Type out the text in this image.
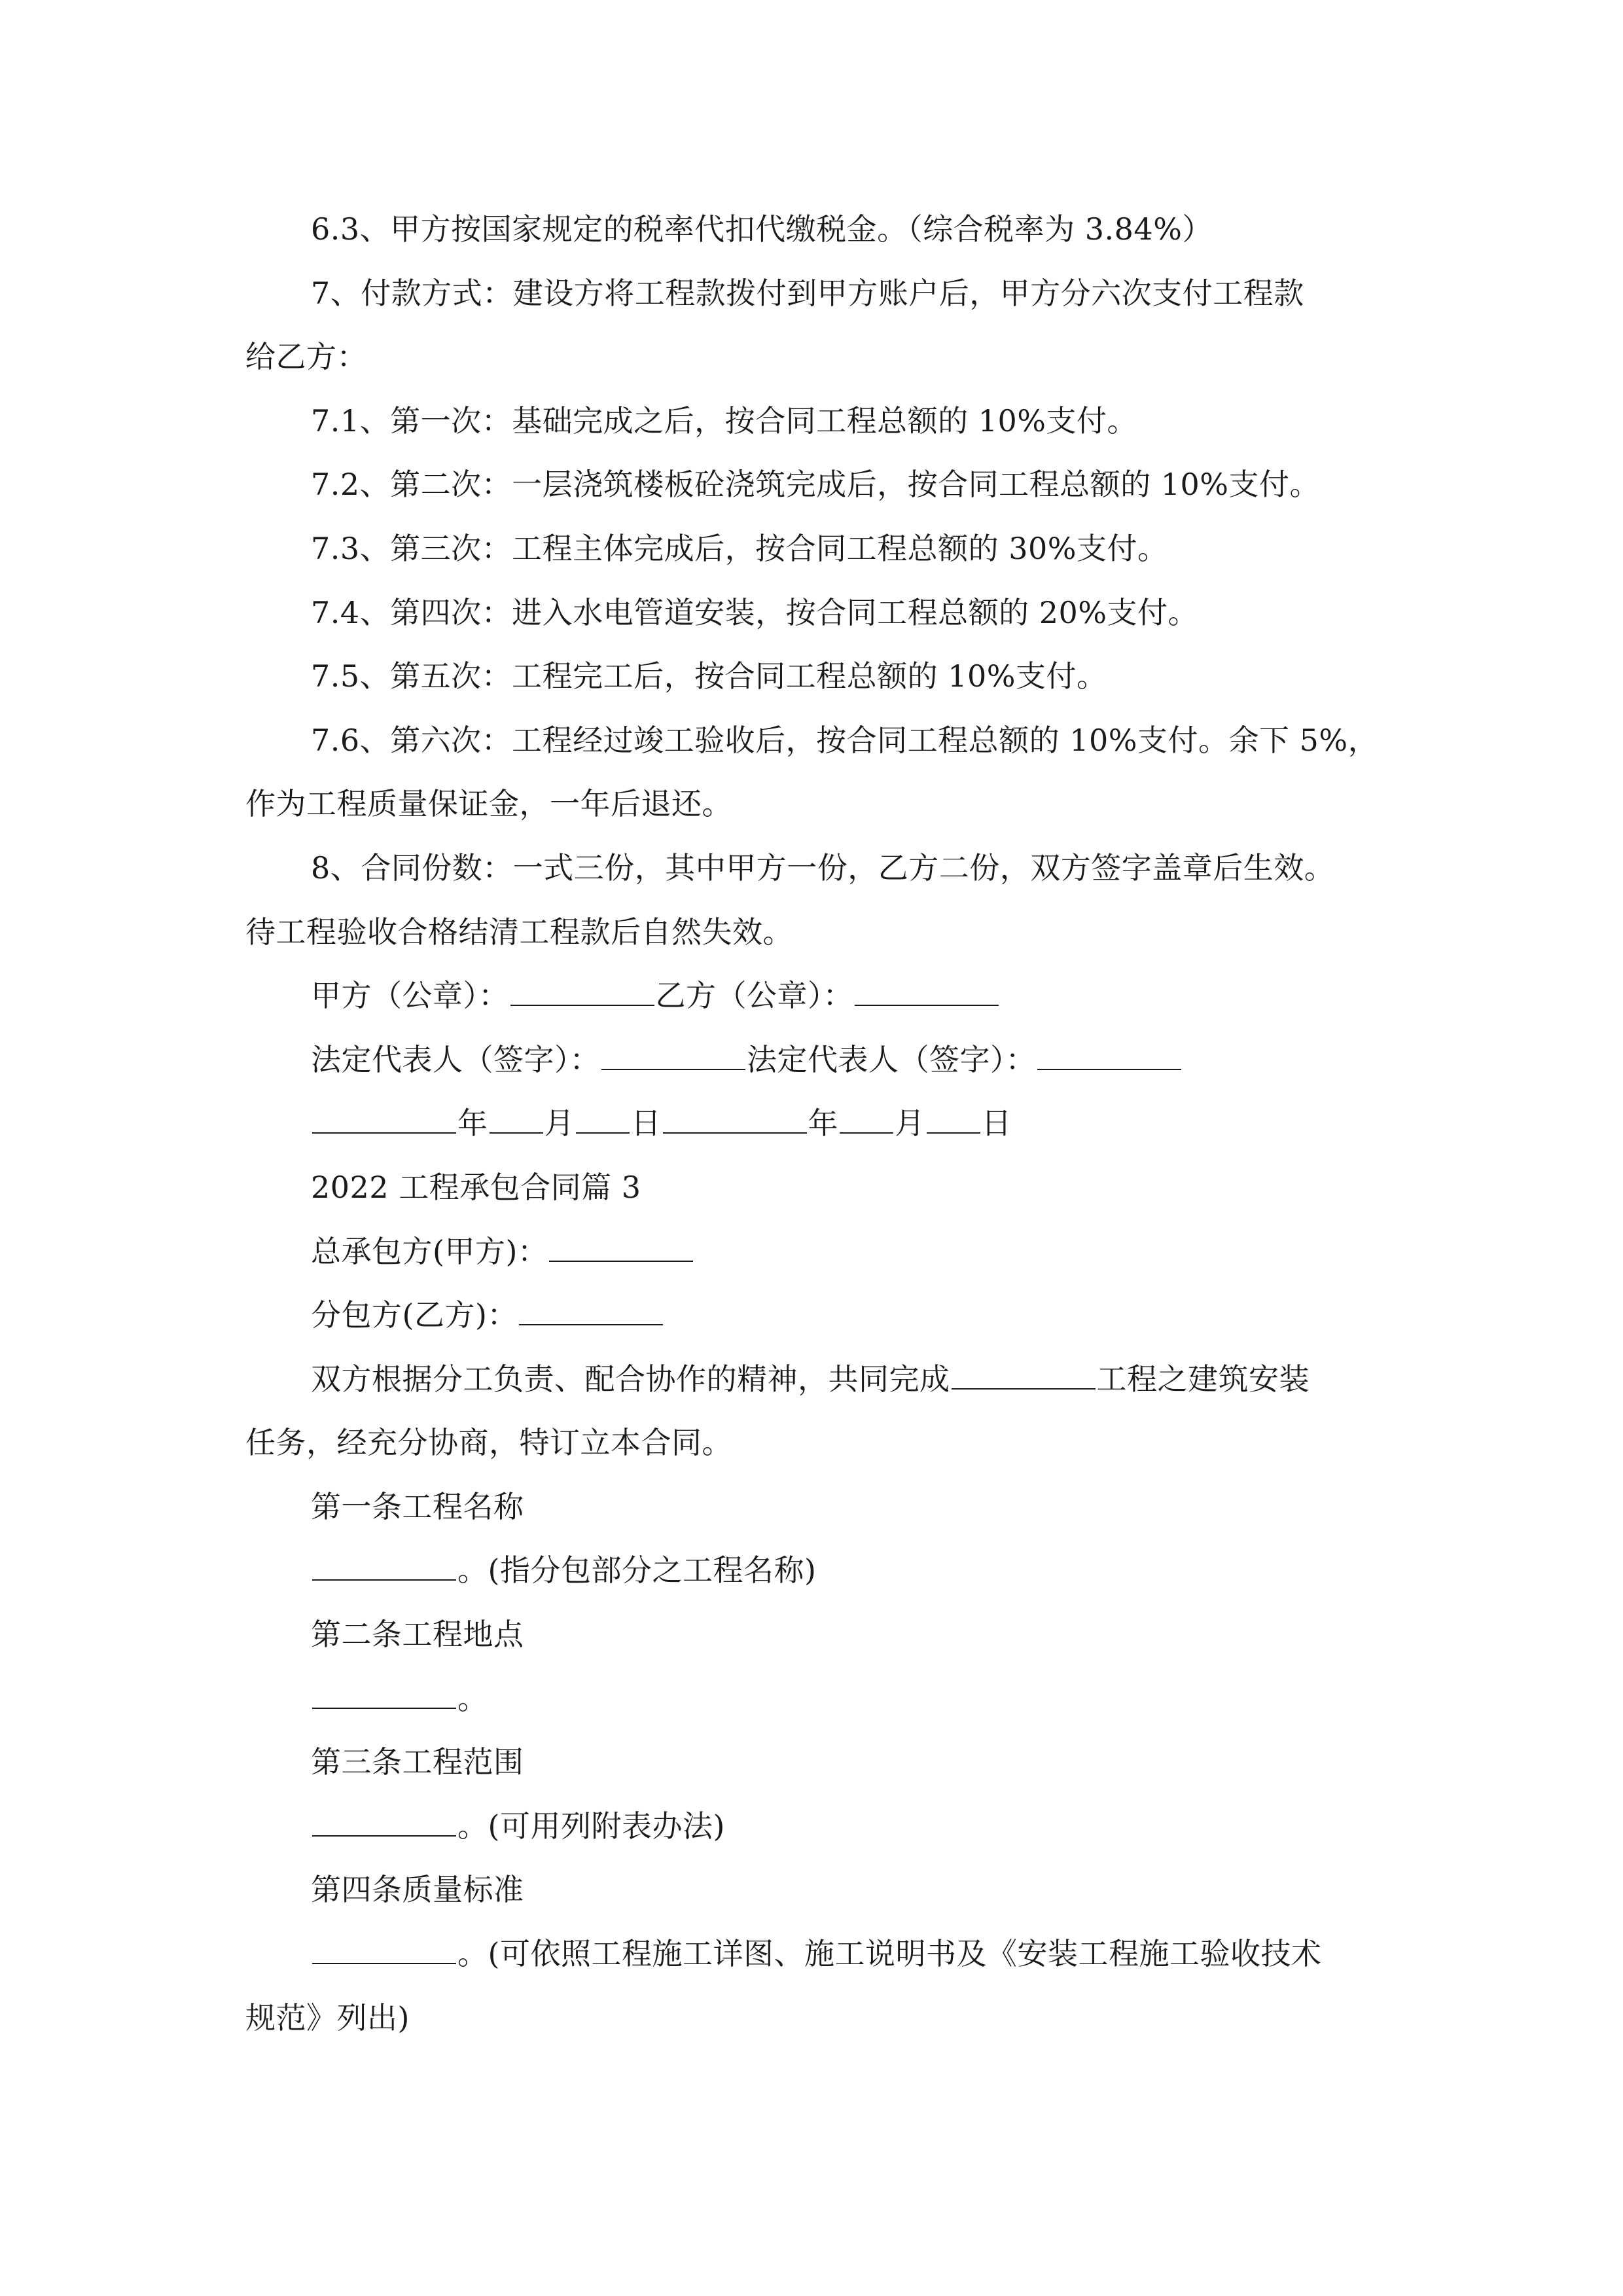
6.3、甲方按国家规定的税率代扣代缴税金。（综合税率为 3.84%）
7、付款方式：建设方将工程款拨付到甲方账户后，甲方分六次支付工程款
给乙方：
7.1、第一次：基础完成之后，按合同工程总额的 10%支付。
7.2、第二次：一层浇筑楼板砼浇筑完成后，按合同工程总额的 10%支付。
7.3、第三次：工程主体完成后，按合同工程总额的 30%支付。
7.4、第四次：进入水电管道安装，按合同工程总额的 20%支付。
7.5、第五次：工程完工后，按合同工程总额的 10%支付。
7.6、第六次：工程经过竣工验收后，按合同工程总额的 10%支付。余下 5%，
作为工程质量保证金，一年后退还。
8、合同份数：一式三份，其中甲方一份，乙方二份，双方签字盖章后生效。
待工程验收合格结清工程款后自然失效。
甲方（公章）：	乙方（公章）：
法定代表人（签字）：	法定代表人（签字）：
年 月 日	年 月 日
2022 工程承包合同篇 3
总承包方(甲方)：
分包方(乙方)：
双方根据分工负责、配合协作的精神，共同完成	工程之建筑安装
任务，经充分协商，特订立本合同。
第一条工程名称
。(指分包部分之工程名称)
第二条工程地点
。
第三条工程范围
。(可用列附表办法)
第四条质量标准
。(可依照工程施工详图、施工说明书及《安装工程施工验收技术
规范》列出)
